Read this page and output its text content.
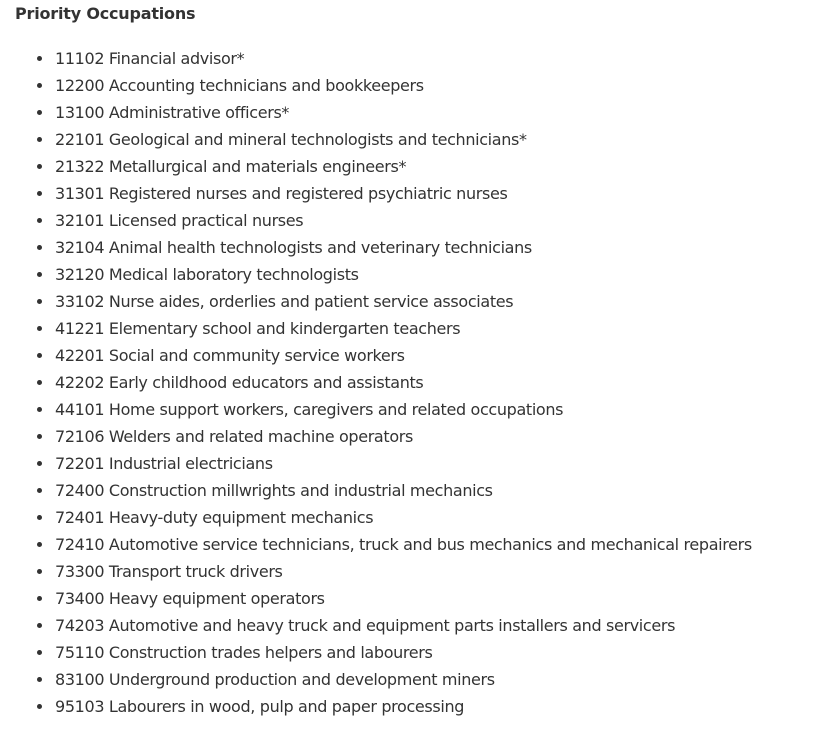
Priority Occupations
11102 Financial advisor*
12200 Accounting technicians and bookkeepers
13100 Administrative officers*
22101 Geological and mineral technologists and technicians*
21322 Metallurgical and materials engineers*
31301 Registered nurses and registered psychiatric nurses
32101 Licensed practical nurses
32104 Animal health technologists and veterinary technicians
32120 Medical laboratory technologists
33102 Nurse aides, orderlies and patient service associates
41221 Elementary school and kindergarten teachers
42201 Social and community service workers
42202 Early childhood educators and assistants
44101 Home support workers, caregivers and related occupations
72106 Welders and related machine operators
72201 Industrial electricians
72400 Construction millwrights and industrial mechanics
72401 Heavy-duty equipment mechanics
72410 Automotive service technicians, truck and bus mechanics and mechanical repairers
73300 Transport truck drivers
73400 Heavy equipment operators
74203 Automotive and heavy truck and equipment parts installers and servicers
75110 Construction trades helpers and labourers
83100 Underground production and development miners
95103 Labourers in wood, pulp and paper processing
